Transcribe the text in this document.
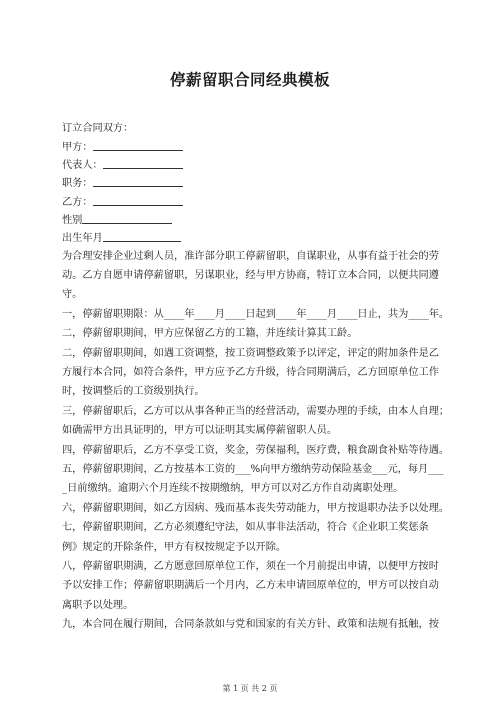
停薪留职合同经典模板
订立合同双方：
甲方：
代表人：
职务：
乙方：
性别
出生年月
为合理安排企业过剩人员，准许部分职工停薪留职，自谋职业，从事有益于社会的劳
动。乙方自愿申请停薪留职，另谋职业，经与甲方协商，特订立本合同，以便共同遵
守。
一，停薪留职期限：从____年____月____日起到____年____月____日止，共为____年。
二，停薪留职期间，甲方应保留乙方的工籍，并连续计算其工龄。
二，停薪留职期间，如遇工资调整，按工资调整政策予以评定，评定的附加条件是乙
方履行本合同，如符合条件，甲方应予乙方升级，待合同期满后，乙方回原单位工作
时，按调整后的工资级别执行。
三，停薪留职后，乙方可以从事各种正当的经营活动，需要办理的手续，由本人自理；
如确需甲方出具证明的，甲方可以证明其实属停薪留职人员。
四，停薪留职后，乙方不享受工资，奖金，劳保福利，医疗费，粮食副食补贴等待遇。
五，停薪留职期间，乙方按基本工资的___%向甲方缴纳劳动保险基金___元，每月___
_日前缴纳。逾期六个月连续不按期缴纳，甲方可以对乙方作自动离职处理。
六，停薪留职期间，如乙方因病、残而基本丧失劳动能力，甲方按退职办法予以处理。
七，停薪留职期间，乙方必须遵纪守法，如从事非法活动，符合《企业职工奖惩条
例》规定的开除条件，甲方有权按规定予以开除。
八，停薪留职期满，乙方愿意回原单位工作，须在一个月前提出申请，以便甲方按时
予以安排工作；停薪留职期满后一个月内，乙方未申请回原单位的，甲方可以按自动
离职予以处理。
九，本合同在履行期间，合同条款如与党和国家的有关方针、政策和法规有抵触，按
第 1 页 共 2 页
